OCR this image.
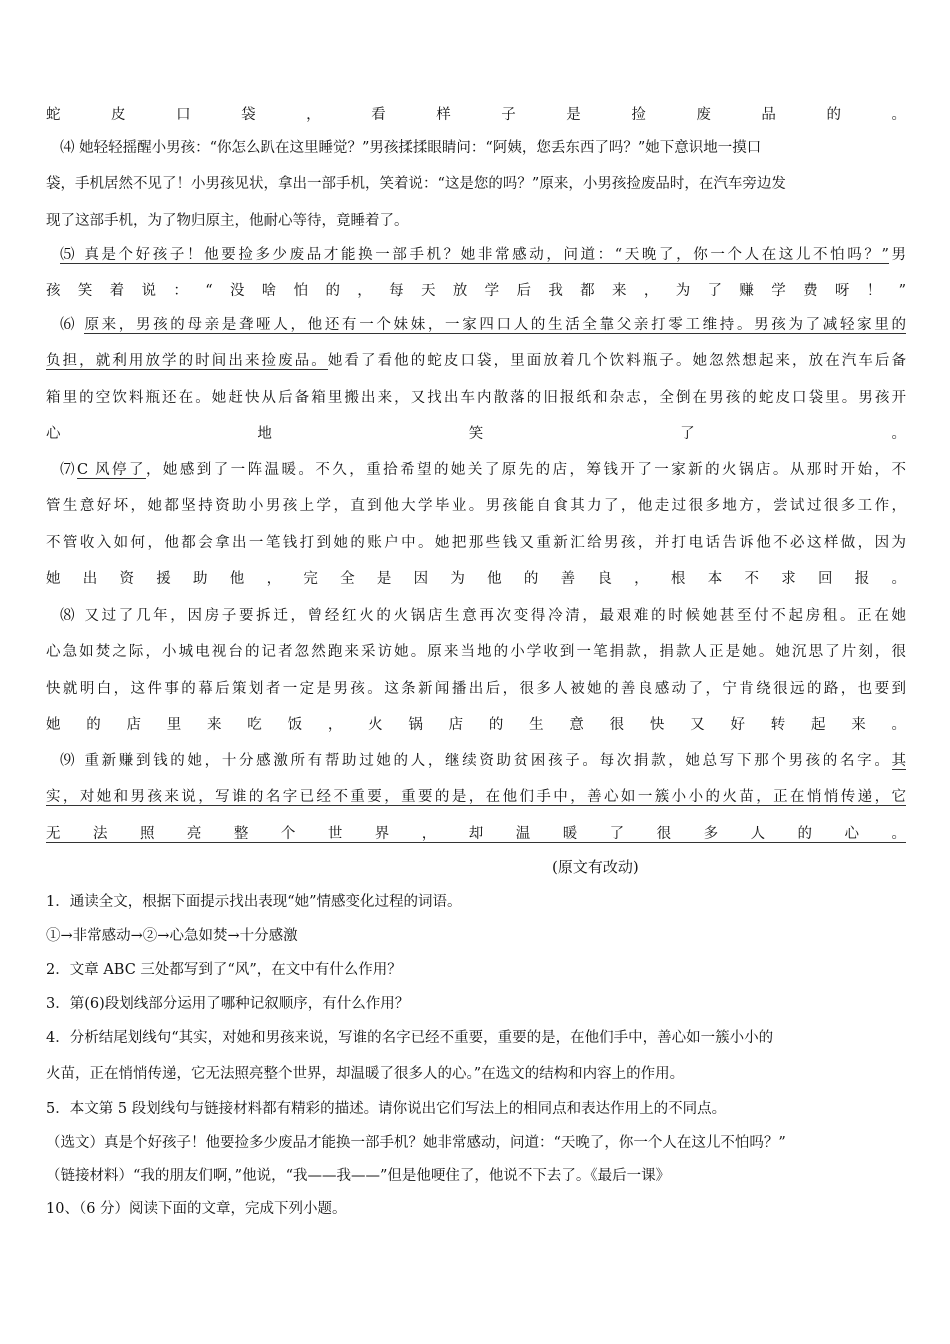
蛇皮口袋，看样子是捡废品的。
⑷ 她轻轻摇醒小男孩：“你怎么趴在这里睡觉？”男孩揉揉眼睛问：“阿姨，您丢东西了吗？”她下意识地一摸口
袋，手机居然不见了！小男孩见状，拿出一部手机，笑着说：“这是您的吗？”原来，小男孩捡废品时，在汽车旁边发
现了这部手机，为了物归原主，他耐心等待，竟睡着了。
⑸ 真是个好孩子！他要捡多少废品才能换一部手机？她非常感动，问道：“天晚了，你一个人在这儿不怕吗？”男
孩笑着说：“没啥怕的，每天放学后我都来，为了赚学费呀！”
⑹ 原来，男孩的母亲是聋哑人，他还有一个妹妹，一家四口人的生活全靠父亲打零工维持。男孩为了减轻家里的
负担，就利用放学的时间出来捡废品。她看了看他的蛇皮口袋，里面放着几个饮料瓶子。她忽然想起来，放在汽车后备
箱里的空饮料瓶还在。她赶快从后备箱里搬出来，又找出车内散落的旧报纸和杂志，全倒在男孩的蛇皮口袋里。男孩开
心地笑了。
⑺C 风停了，她感到了一阵温暖。不久，重拾希望的她关了原先的店，筹钱开了一家新的火锅店。从那时开始，不
管生意好坏，她都坚持资助小男孩上学，直到他大学毕业。男孩能自食其力了，他走过很多地方，尝试过很多工作，
不管收入如何，他都会拿出一笔钱打到她的账户中。她把那些钱又重新汇给男孩，并打电话告诉他不必这样做，因为
她出资援助他，完全是因为他的善良，根本不求回报。
⑻ 又过了几年，因房子要拆迁，曾经红火的火锅店生意再次变得冷清，最艰难的时候她甚至付不起房租。正在她
心急如焚之际，小城电视台的记者忽然跑来采访她。原来当地的小学收到一笔捐款，捐款人正是她。她沉思了片刻，很
快就明白，这件事的幕后策划者一定是男孩。这条新闻播出后，很多人被她的善良感动了，宁肯绕很远的路，也要到
她的店里来吃饭，火锅店的生意很快又好转起来。
⑼ 重新赚到钱的她，十分感激所有帮助过她的人，继续资助贫困孩子。每次捐款，她总写下那个男孩的名字。其
实，对她和男孩来说，写谁的名字已经不重要，重要的是，在他们手中，善心如一簇小小的火苗，正在悄悄传递，它
无法照亮整个世界，却温暖了很多人的心。
(原文有改动)
1．通读全文，根据下面提示找出表现“她”情感变化过程的词语。
①→非常感动→②→心急如焚→十分感激
2．文章 ABC 三处都写到了“风”，在文中有什么作用？
3．第(6)段划线部分运用了哪种记叙顺序，有什么作用？
4．分析结尾划线句“其实，对她和男孩来说，写谁的名字已经不重要，重要的是，在他们手中，善心如一簇小小的
火苗，正在悄悄传递，它无法照亮整个世界，却温暖了很多人的心。”在选文的结构和内容上的作用。
5．本文第 5 段划线句与链接材料都有精彩的描述。请你说出它们写法上的相同点和表达作用上的不同点。
（选文）真是个好孩子！他要捡多少废品才能换一部手机？她非常感动，问道：“天晚了，你一个人在这儿不怕吗？”
（链接材料）“我的朋友们啊，”他说，“我——我——”但是他哽住了，他说不下去了。《最后一课》
10、（6 分）阅读下面的文章，完成下列小题。
